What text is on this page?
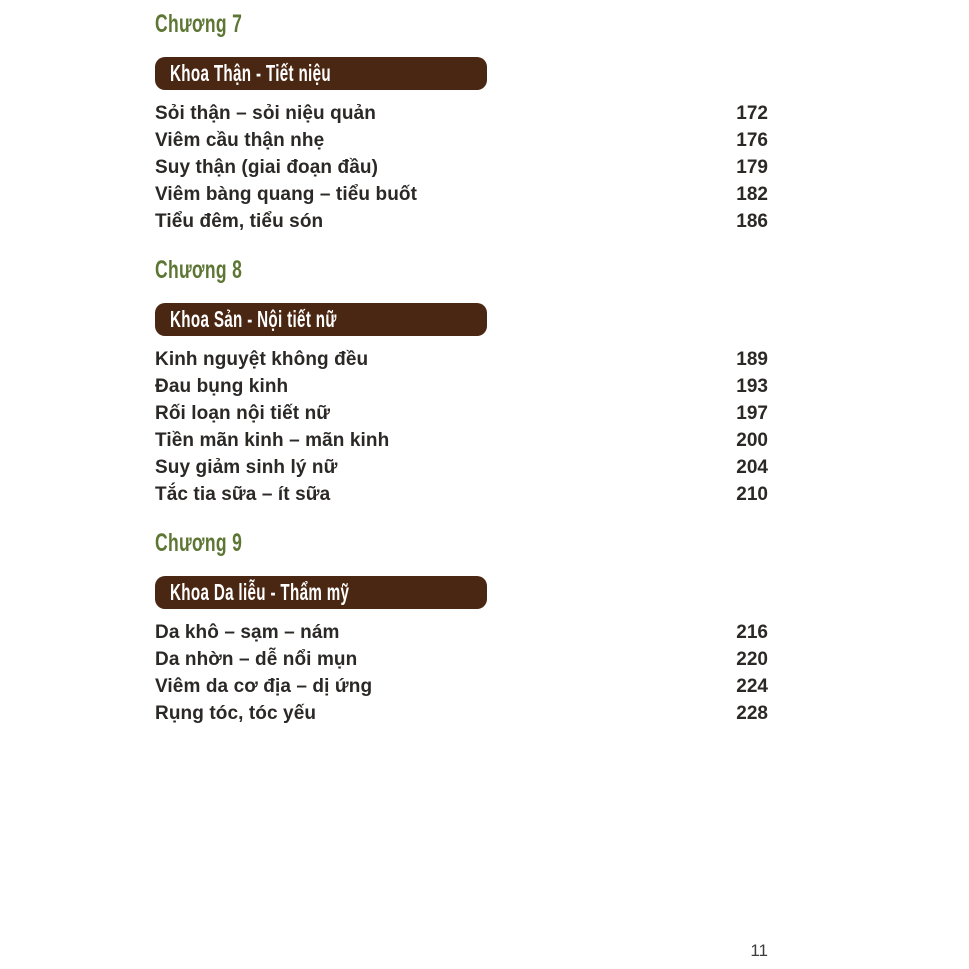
Chương 7
Khoa Thận - Tiết niệu
Sỏi thận – sỏi niệu quản	172
Viêm cầu thận nhẹ	176
Suy thận (giai đoạn đầu)	179
Viêm bàng quang – tiểu buốt	182
Tiểu đêm, tiểu són	186
Chương 8
Khoa Sản - Nội tiết nữ
Kinh nguyệt không đều	189
Đau bụng kinh	193
Rối loạn nội tiết nữ	197
Tiền mãn kinh – mãn kinh	200
Suy giảm sinh lý nữ	204
Tắc tia sữa – ít sữa	210
Chương 9
Khoa Da liễu - Thẩm mỹ
Da khô – sạm – nám	216
Da nhờn – dễ nổi mụn	220
Viêm da cơ địa – dị ứng	224
Rụng tóc, tóc yếu	228
11
